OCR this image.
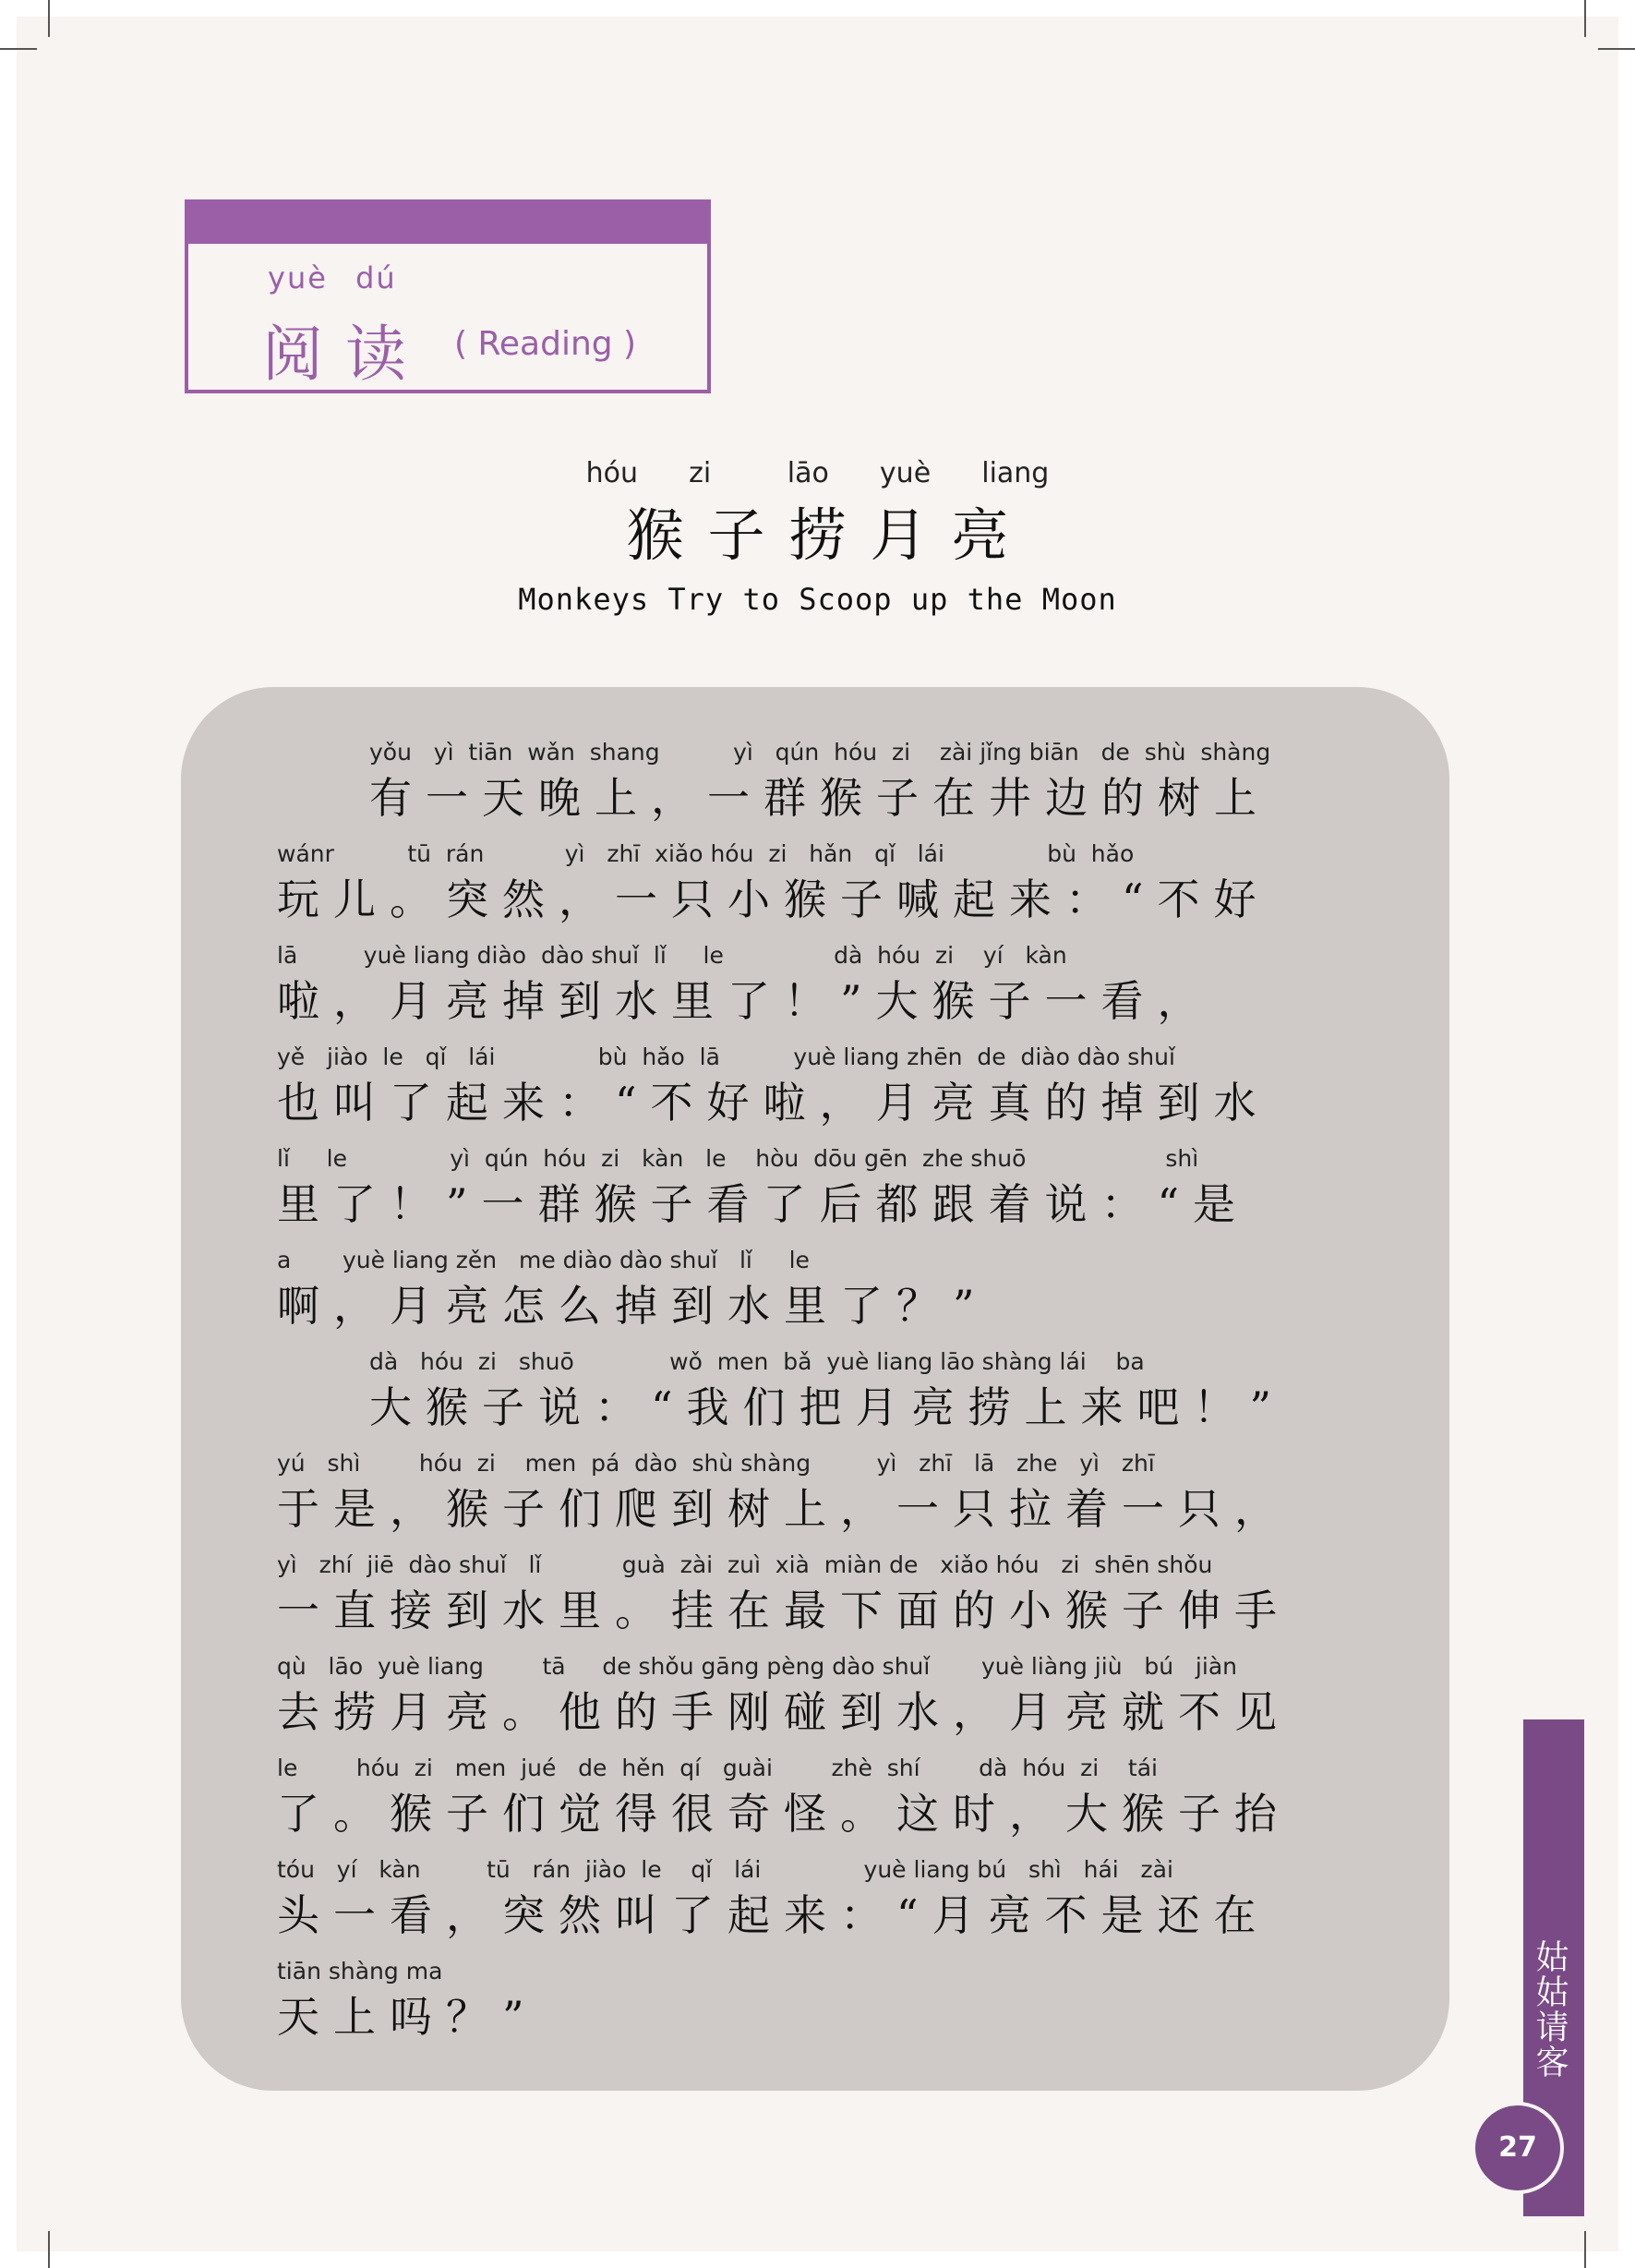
yuè dú
阅读 ( Reading )
hóu  zi   lāo  yuè  liang
猴子捞月亮
Monkeys Try to Scoop up the Moon
yǒu   yì  tiān  wǎn  shang          yì   qún  hóu  zi    zài jǐng biān   de  shù  shàng
有一天晚上，一群猴子在井边的树上
wánr          tū  rán           yì   zhī  xiǎo hóu  zi   hǎn   qǐ   lái              bù  hǎo
玩儿。突然，一只小猴子喊起来：“不好
lā         yuè liang diào  dào shuǐ  lǐ     le               dà  hóu  zi    yí   kàn
啦，月亮掉到水里了！”大猴子一看，
yě   jiào  le   qǐ   lái              bù  hǎo  lā          yuè liang zhēn  de  diào dào shuǐ
也叫了起来：“不好啦，月亮真的掉到水
lǐ     le              yì  qún  hóu  zi   kàn   le    hòu  dōu gēn  zhe shuō                   shì
里了！”一群猴子看了后都跟着说：“是
a       yuè liang zěn   me diào dào shuǐ   lǐ     le
啊，月亮怎么掉到水里了？”
dà   hóu  zi   shuō             wǒ  men  bǎ  yuè liang lāo shàng lái    ba
大猴子说：“我们把月亮捞上来吧！”
yú   shì        hóu  zi    men  pá  dào  shù shàng         yì   zhī   lā   zhe   yì   zhī
于是，猴子们爬到树上，一只拉着一只，
yì   zhí  jiē  dào shuǐ   lǐ           guà  zài  zuì  xià  miàn de   xiǎo hóu   zi  shēn shǒu
一直接到水里。挂在最下面的小猴子伸手
qù   lāo  yuè liang        tā     de shǒu gāng pèng dào shuǐ       yuè liàng jiù   bú   jiàn
去捞月亮。他的手刚碰到水，月亮就不见
le        hóu  zi   men  jué   de  hěn  qí   guài        zhè  shí        dà  hóu  zi    tái
了。猴子们觉得很奇怪。这时，大猴子抬
tóu   yí   kàn         tū   rán  jiào  le    qǐ   lái              yuè liang bú   shì   hái   zài
头一看，突然叫了起来：“月亮不是还在
tiān shàng ma
天上吗？”	姑姑请客
27
